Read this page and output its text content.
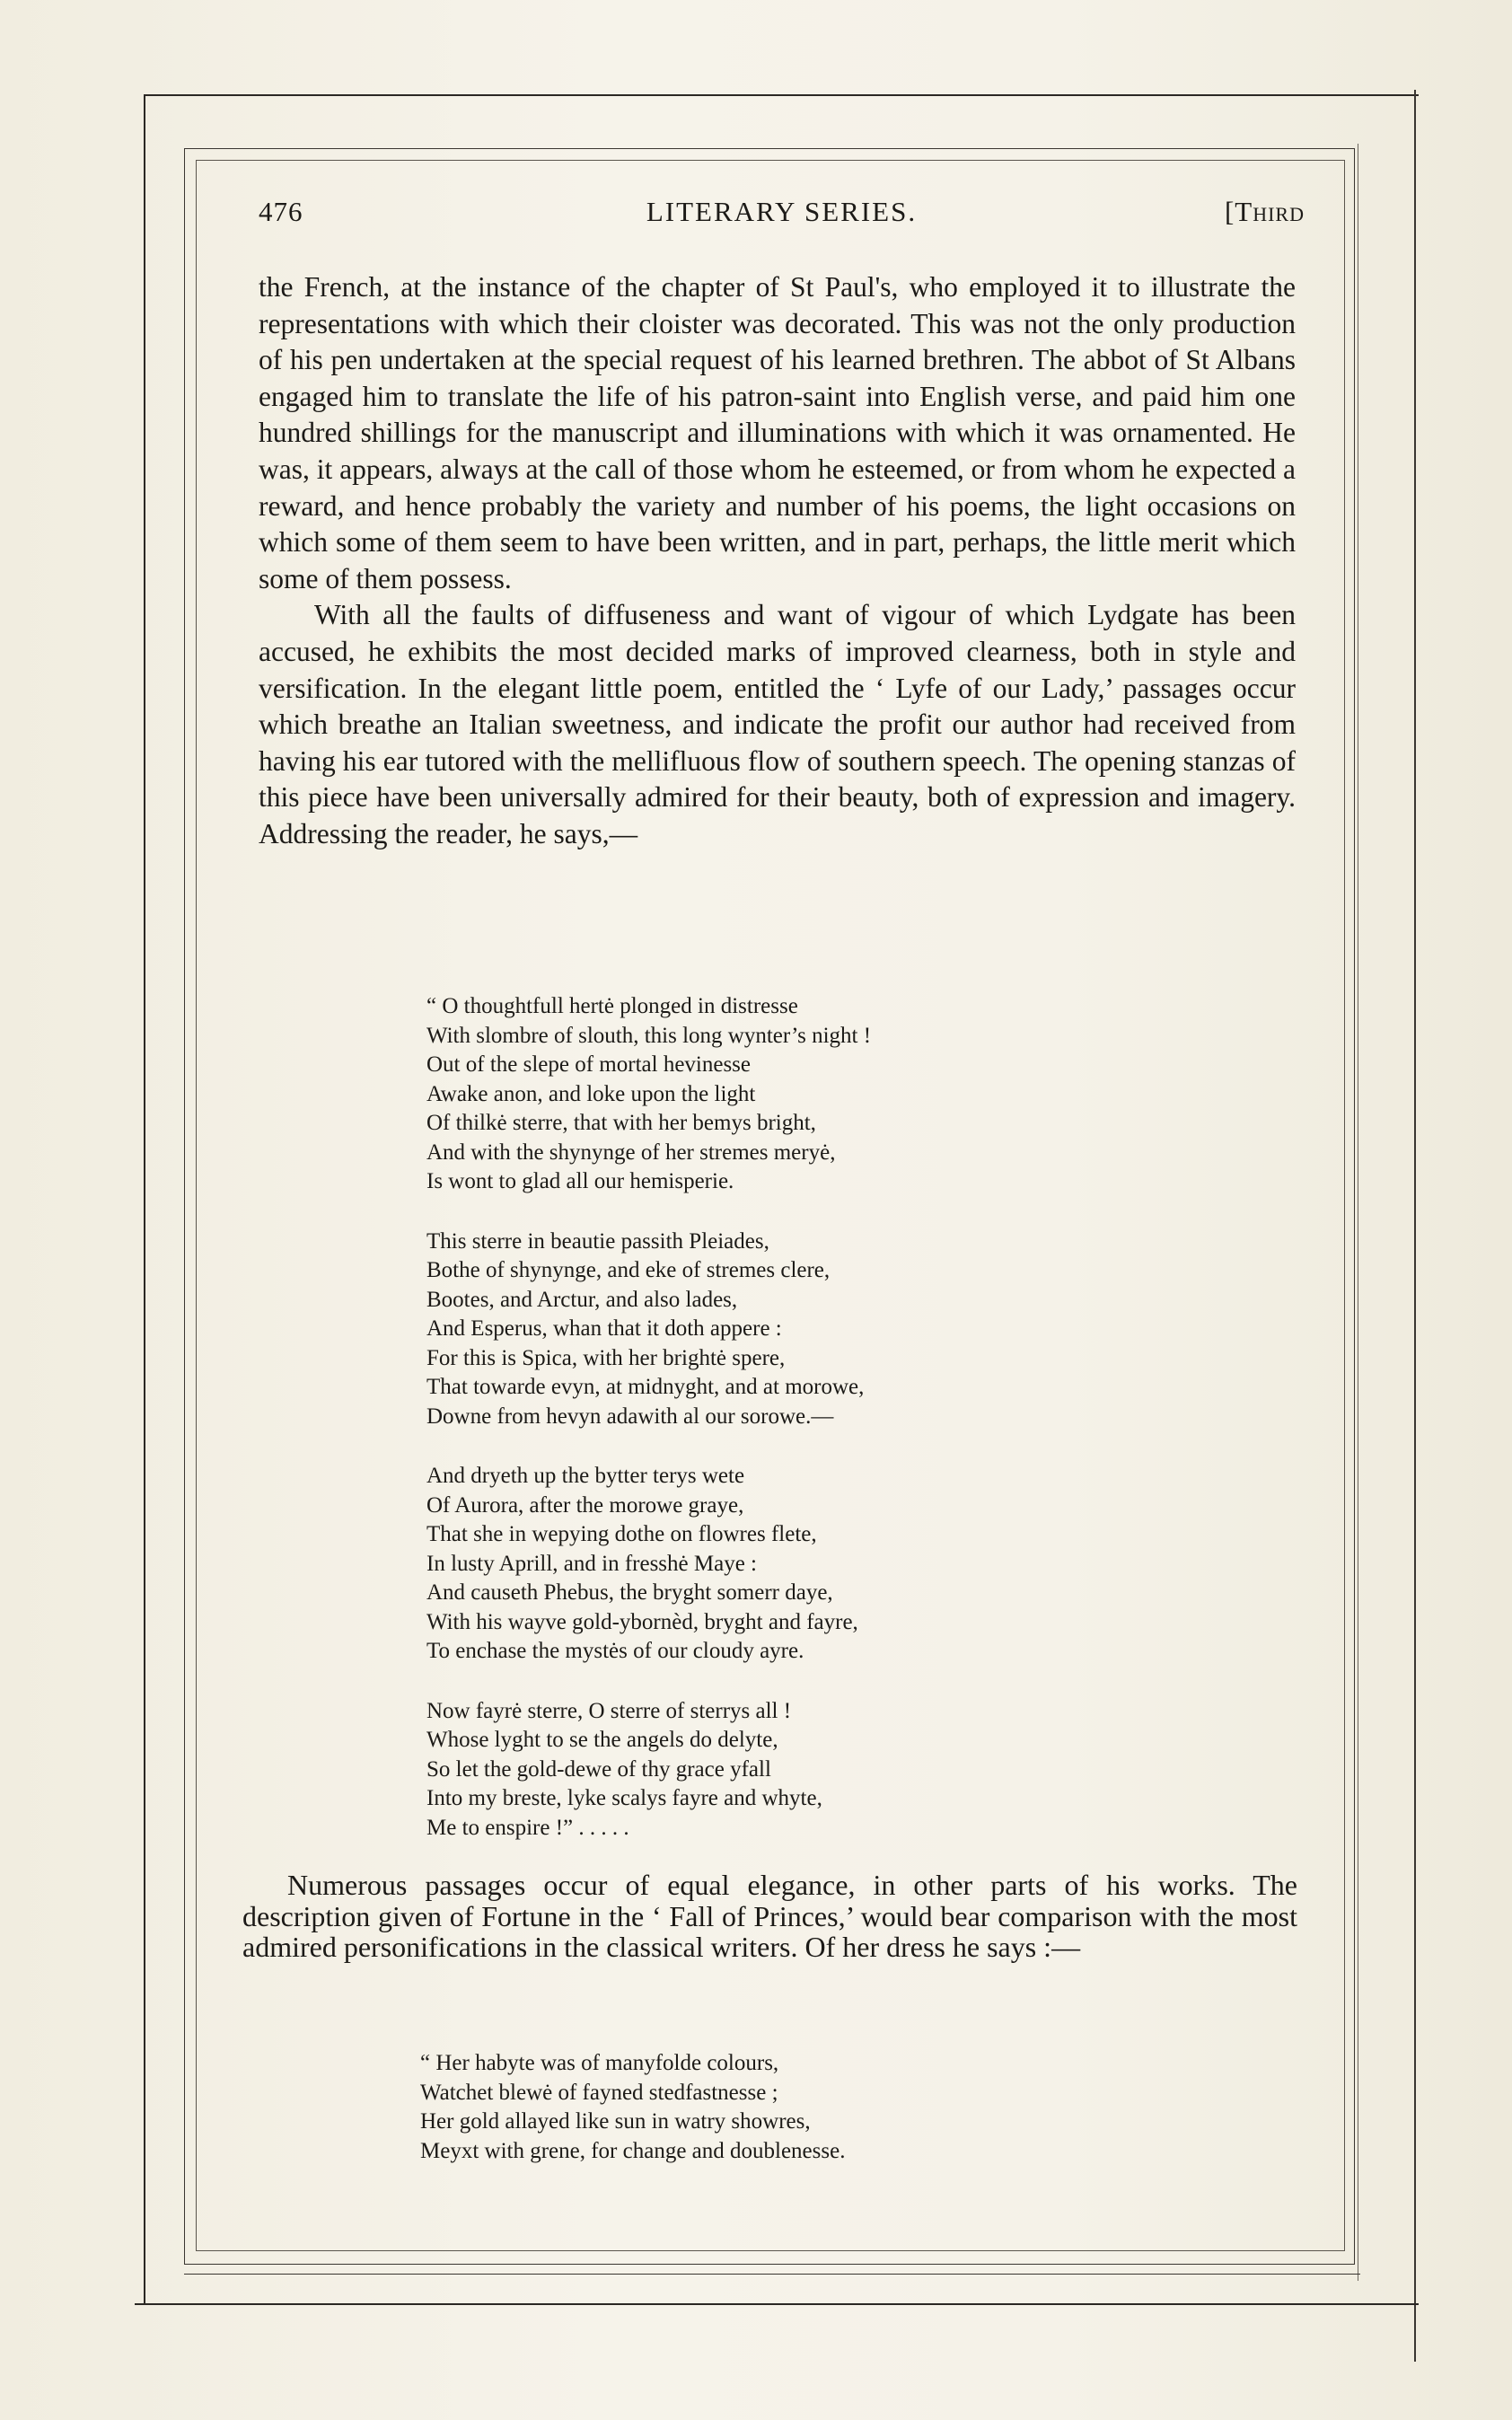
476	LITERARY SERIES.	[Third

the French, at the instance of the chapter of St Paul's, who employed it to illustrate the representations with which their cloister was decorated. This was not the only production of his pen undertaken at the special request of his learned brethren. The abbot of St Albans engaged him to translate the life of his patron-saint into English verse, and paid him one hundred shillings for the manuscript and illuminations with which it was ornamented. He was, it appears, always at the call of those whom he esteemed, or from whom he expected a reward, and hence probably the variety and number of his poems, the light occasions on which some of them seem to have been written, and in part, perhaps, the little merit which some of them possess.

With all the faults of diffuseness and want of vigour of which Lydgate has been accused, he exhibits the most decided marks of improved clearness, both in style and versification. In the elegant little poem, entitled the ‘ Lyfe of our Lady,’ passages occur which breathe an Italian sweetness, and indicate the profit our author had received from having his ear tutored with the mellifluous flow of southern speech. The opening stanzas of this piece have been universally admired for their beauty, both of expression and imagery. Addressing the reader, he says,—

“ O thoughtfull hertė plonged in distresse
With slombre of slouth, this long wynter’s night !
Out of the slepe of mortal hevinesse
Awake anon, and loke upon the light
Of thilkė sterre, that with her bemys bright,
And with the shynynge of her stremes meryė,
Is wont to glad all our hemisperie.
This sterre in beautie passith Pleiades,
Bothe of shynynge, and eke of stremes clere,
Bootes, and Arctur, and also lades,
And Esperus, whan that it doth appere :
For this is Spica, with her brightė spere,
That towarde evyn, at midnyght, and at morowe,
Downe from hevyn adawith al our sorowe.—
And dryeth up the bytter terys wete
Of Aurora, after the morowe graye,
That she in wepying dothe on flowres flete,
In lusty Aprill, and in fresshė Maye :
And causeth Phebus, the bryght somerr daye,
With his wayve gold-ybornèd, bryght and fayre,
To enchase the mystės of our cloudy ayre.
Now fayrė sterre, O sterre of sterrys all !
Whose lyght to se the angels do delyte,
So let the gold-dewe of thy grace yfall
Into my breste, lyke scalys fayre and whyte,
Me to enspire !” . . . . .

Numerous passages occur of equal elegance, in other parts of his works. The description given of Fortune in the ‘ Fall of Princes,’ would bear comparison with the most admired personifications in the classical writers. Of her dress he says :—

“ Her habyte was of manyfolde colours,
Watchet blewė of fayned stedfastnesse ;
Her gold allayed like sun in watry showres,
Meyxt with grene, for change and doublenesse.
